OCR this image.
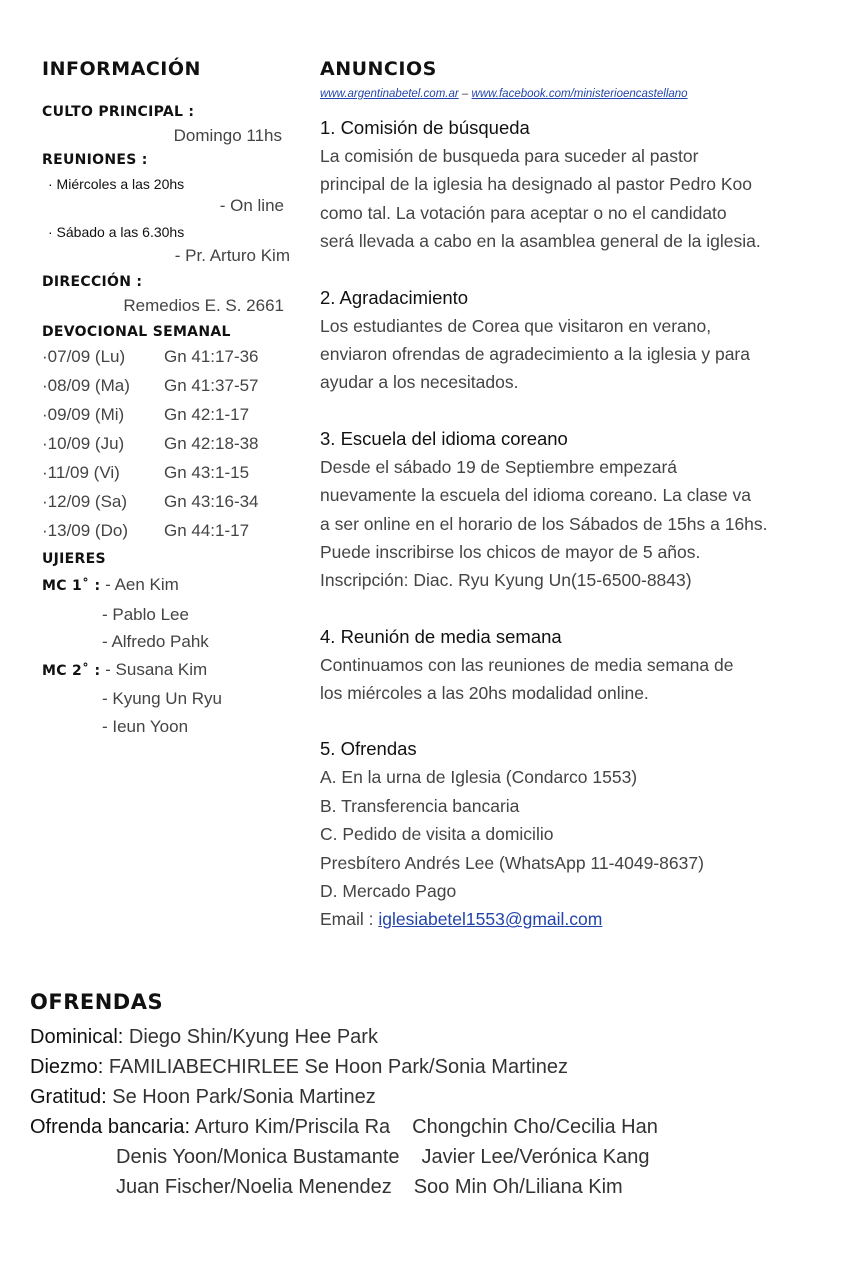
INFORMACIÓN
CULTO PRINCIPAL :
Domingo 11hs
REUNIONES :
· Miércoles a las 20hs
- On line
· Sábado a las 6.30hs
- Pr. Arturo Kim
DIRECCIÓN :
Remedios E. S. 2661
DEVOCIONAL SEMANAL
·07/09 (Lu)	Gn 41:17-36
·08/09 (Ma)	Gn 41:37-57
·09/09 (Mi)	Gn 42:1-17
·10/09 (Ju)	Gn 42:18-38
·11/09 (Vi)	Gn 43:1-15
·12/09 (Sa)	Gn 43:16-34
·13/09 (Do)	Gn 44:1-17
UJIERES
MC 1˚ : - Aen Kim
- Pablo Lee
- Alfredo Pahk
MC 2˚ : - Susana Kim
- Kyung Un Ryu
- Ieun Yoon
ANUNCIOS
www.argentinabetel.com.ar – www.facebook.com/ministerioencastellano
1. Comisión de búsqueda
La comisión de busqueda para suceder al pastor
principal de la iglesia ha designado al pastor Pedro Koo
como tal. La votación para aceptar o no el candidato
será llevada a cabo en la asamblea general de la iglesia.
2. Agradacimiento
Los estudiantes de Corea que visitaron en verano,
enviaron ofrendas de agradecimiento a la iglesia y para
ayudar a los necesitados.
3. Escuela del idioma coreano
Desde el sábado 19 de Septiembre empezará
nuevamente la escuela del idioma coreano. La clase va
a ser online en el horario de los Sábados de 15hs a 16hs.
Puede inscribirse los chicos de mayor de 5 años.
Inscripción: Diac. Ryu Kyung Un(15-6500-8843)
4. Reunión de media semana
Continuamos con las reuniones de media semana de
los miércoles a las 20hs modalidad online.
5. Ofrendas
A. En la urna de Iglesia (Condarco 1553)
B. Transferencia bancaria
C. Pedido de visita a domicilio
Presbítero Andrés Lee (WhatsApp 11-4049-8637)
D. Mercado Pago
Email : iglesiabetel1553@gmail.com
OFRENDAS
Dominical: Diego Shin/Kyung Hee Park
Diezmo: FAMILIABECHIRLEE Se Hoon Park/Sonia Martinez
Gratitud: Se Hoon Park/Sonia Martinez
Ofrenda bancaria: Arturo Kim/Priscila Ra Chongchin Cho/Cecilia Han
Denis Yoon/Monica Bustamante Javier Lee/Verónica Kang
Juan Fischer/Noelia Menendez Soo Min Oh/Liliana Kim
